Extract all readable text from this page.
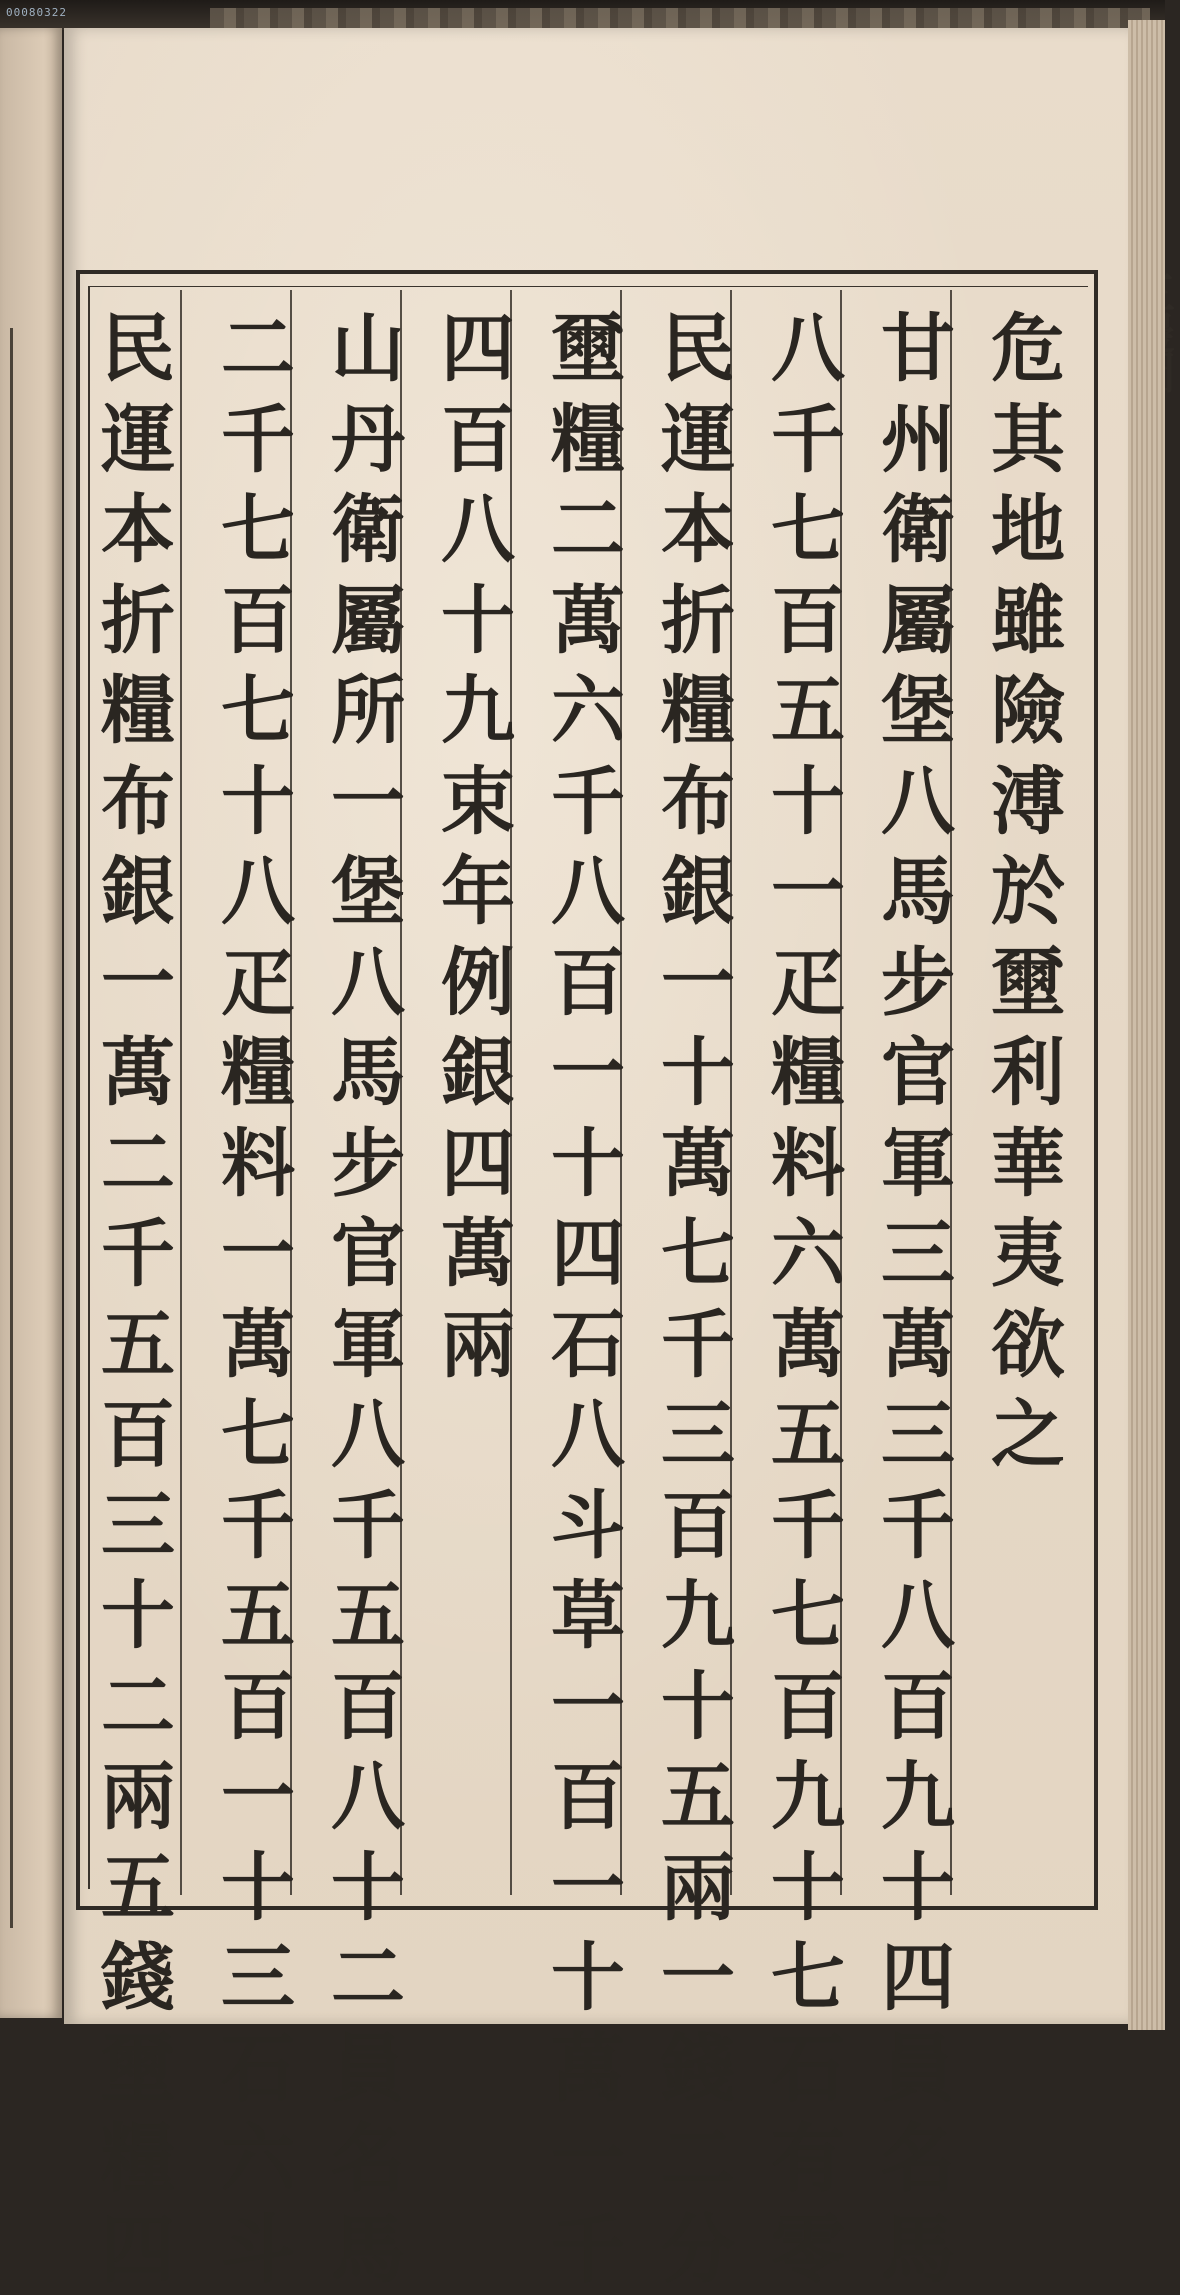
00080322
危
其
地
雖
險
溥
於
壐
利
華
夷
欲
之
甘
州
衛
屬
堡
八
馬
步
官
軍
三
萬
三
千
八
百
九
十
四
員
名
馬
八
千
七
百
五
十
一
疋
糧
料
六
萬
五
千
七
百
九
十
七
石
有
零
民
運
本
折
糧
布
銀
一
十
萬
七
千
三
百
九
十
五
兩
一
錢
二
分
壐
糧
二
萬
六
千
八
百
一
十
四
石
八
斗
草
一
百
一
十
萬
一
千
四
百
八
十
九
束
年
例
銀
四
萬
兩
山
丹
衛
屬
所
一
堡
八
馬
步
官
軍
八
千
五
百
八
十
二
員
名
馬
二
千
七
百
七
十
八
疋
糧
料
一
萬
七
千
五
百
一
十
三
石
六
斗
民
運
本
折
糧
布
銀
一
萬
二
千
五
百
三
十
二
兩
五
錢
壐
糧
四
